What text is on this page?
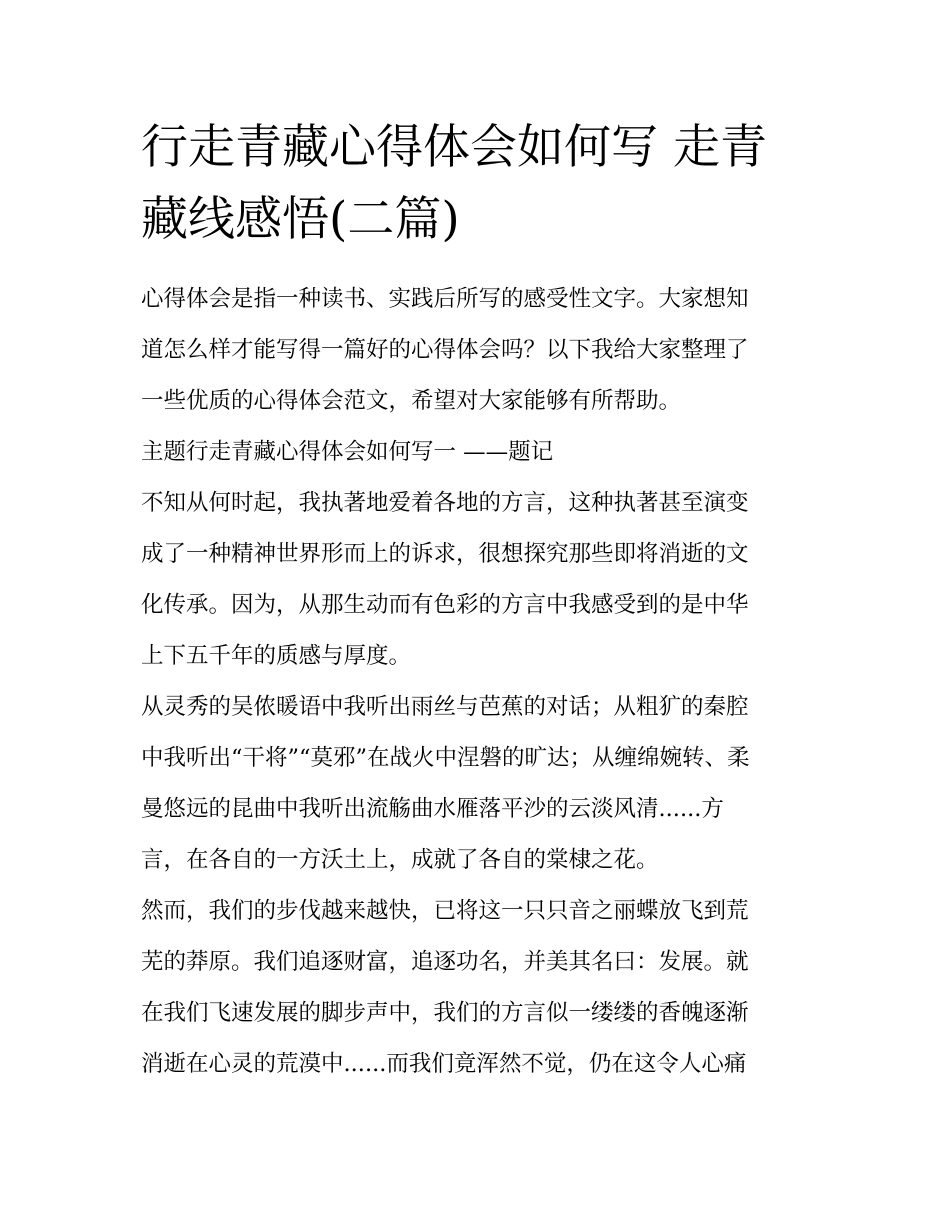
行走青藏心得体会如何写 走青
藏线感悟(二篇)

心得体会是指一种读书、实践后所写的感受性文字。大家想知
道怎么样才能写得一篇好的心得体会吗？以下我给大家整理了
一些优质的心得体会范文，希望对大家能够有所帮助。

主题行走青藏心得体会如何写一 ——题记

不知从何时起，我执著地爱着各地的方言，这种执著甚至演变
成了一种精神世界形而上的诉求，很想探究那些即将消逝的文
化传承。因为，从那生动而有色彩的方言中我感受到的是中华
上下五千年的质感与厚度。

从灵秀的吴侬暖语中我听出雨丝与芭蕉的对话；从粗犷的秦腔
中我听出“干将”“莫邪”在战火中涅磐的旷达；从缠绵婉转、柔
曼悠远的昆曲中我听出流觞曲水雁落平沙的云淡风清......方
言，在各自的一方沃土上，成就了各自的棠棣之花。

然而，我们的步伐越来越快，已将这一只只音之丽蝶放飞到荒
芜的莽原。我们追逐财富，追逐功名，并美其名曰：发展。就
在我们飞速发展的脚步声中，我们的方言似一缕缕的香魄逐渐
消逝在心灵的荒漠中......而我们竟浑然不觉，仍在这令人心痛
